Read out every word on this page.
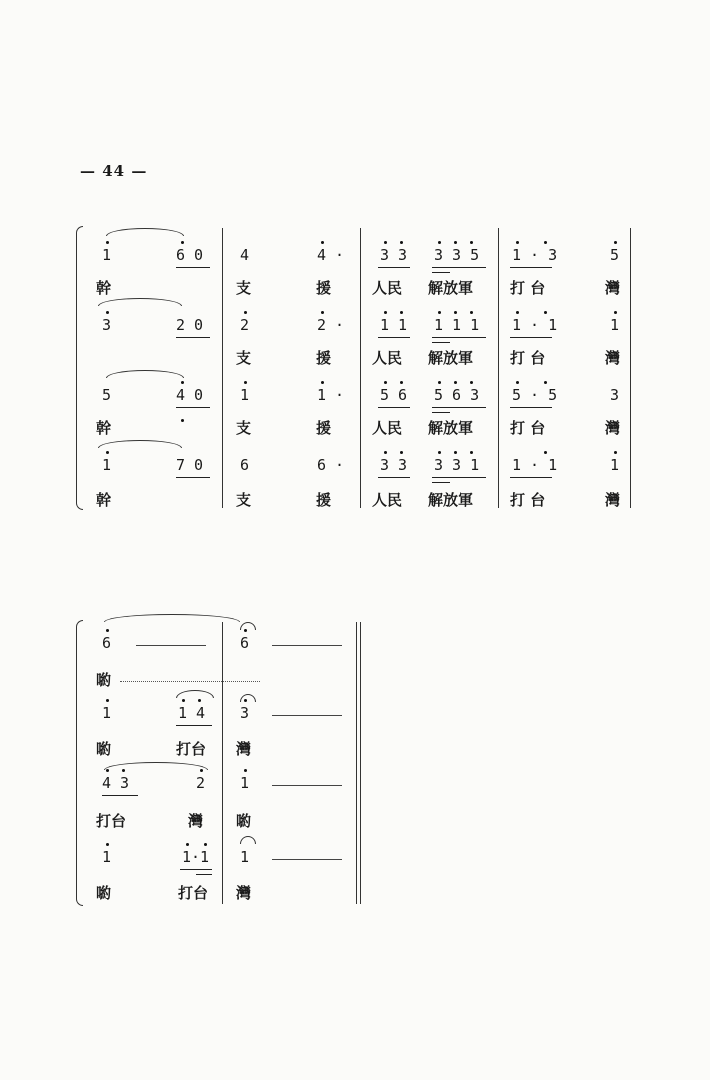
— 44 —
1	6 0 4	4 · 3 3 3 3 5 1 · 3	5
幹	支	援	人民 解放軍 打 台	灣
3	2 0 2	2 · 1 1 1 1 1 1 · 1	1
支	援	人民 解放軍 打 台	灣
5	4 0 1	1 · 5 6 5 6 3 5 · 5	3
幹	支	援	人民 解放軍 打 台	灣
1	7 0 6	6 · 3 3 3 3 1 1 · 1	1
幹	支	援	人民 解放軍 打 台	灣
6	6
喲
1	1 4 3
喲	打台 灣
4 3	2 1
打台	灣 喲
1	1·1 1
喲	打台 灣
